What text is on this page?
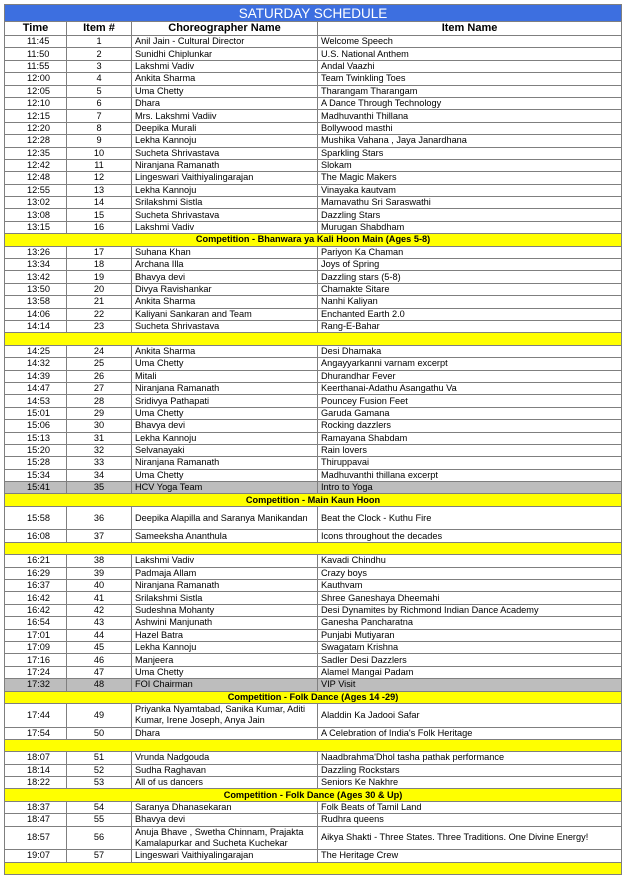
SATURDAY SCHEDULE			
Time	Item #	Choreographer Name	Item Name
11:45	1	Anil Jain - Cultural Director	Welcome Speech
11:50	2	Sunidhi Chiplunkar	U.S. National Anthem
11:55	3	Lakshmi Vadiv	Andal Vaazhi
12:00	4	Ankita Sharma	Team Twinkling Toes
12:05	5	Uma Chetty	Tharangam Tharangam
12:10	6	Dhara	A Dance Through Technology
12:15	7	Mrs. Lakshmi Vadiiv	Madhuvanthi Thillana
12:20	8	Deepika Murali	Bollywood masthi
12:28	9	Lekha Kannoju	Mushika Vahana , Jaya Janardhana
12:35	10	Sucheta Shrivastava	Sparkling Stars
12:42	11	Niranjana Ramanath	Slokam
12:48	12	Lingeswari Vaithiyalingarajan	The Magic Makers
12:55	13	Lekha Kannoju	Vinayaka kautvam
13:02	14	Srilakshmi Sistla	Mamavathu Sri Saraswathi
13:08	15	Sucheta Shrivastava	Dazzling Stars
13:15	16	Lakshmi Vadiv	Murugan Shabdham
Competition - Bhanwara ya Kali Hoon Main (Ages 5-8)			
13:26	17	Suhana Khan	Pariyon Ka Chaman
13:34	18	Archana Illa	Joys of Spring
13:42	19	Bhavya devi	Dazzling stars (5-8)
13:50	20	Divya Ravishankar	Chamakte Sitare
13:58	21	Ankita Sharma	Nanhi Kaliyan
14:06	22	Kaliyani Sankaran and Team	Enchanted Earth 2.0
14:14	23	Sucheta Shrivastava	Rang-E-Bahar

14:25	24	Ankita Sharma	Desi Dhamaka
14:32	25	Uma Chetty	Angayyarkanni varnam excerpt
14:39	26	Mitali	Dhurandhar Fever
14:47	27	Niranjana Ramanath	Keerthanai-Adathu Asangathu Va
14:53	28	Sridivya Pathapati	Pouncey Fusion Feet
15:01	29	Uma Chetty	Garuda Gamana
15:06	30	Bhavya devi	Rocking dazzlers
15:13	31	Lekha Kannoju	Ramayana Shabdam
15:20	32	Selvanayaki	Rain lovers
15:28	33	Niranjana Ramanath	Thiruppavai
15:34	34	Uma Chetty	Madhuvanthi thillana excerpt
15:41	35	HCV Yoga Team	Intro to Yoga
Competition - Main Kaun Hoon			
15:58	36	Deepika Alapilla and Saranya Manikandan	Beat the Clock - Kuthu Fire
16:08	37	Sameeksha Ananthula	Icons throughout the decades

16:21	38	Lakshmi Vadiv	Kavadi Chindhu
16:29	39	Padmaja Allam	Crazy boys
16:37	40	Niranjana Ramanath	Kauthvam
16:42	41	Srilakshmi Sistla	Shree Ganeshaya Dheemahi
16:42	42	Sudeshna Mohanty	Desi Dynamites by Richmond Indian Dance Academy
16:54	43	Ashwini Manjunath	Ganesha Pancharatna
17:01	44	Hazel Batra	Punjabi Mutiyaran
17:09	45	Lekha Kannoju	Swagatam Krishna
17:16	46	Manjeera	Sadler Desi Dazzlers
17:24	47	Uma Chetty	Alamel Mangai Padam
17:32	48	FOI Chairman	VIP Visit
Competition - Folk Dance (Ages 14 -29)			
17:44	49	Priyanka Nyamtabad, Sanika Kumar, Aditi Kumar, Irene Joseph, Anya Jain	Aladdin Ka Jadooi Safar
17:54	50	Dhara	A Celebration of India's Folk Heritage

18:07	51	Vrunda Nadgouda	Naadbrahma'Dhol tasha pathak performance
18:14	52	Sudha Raghavan	Dazzling Rockstars
18:22	53	All of us dancers	Seniors Ke Nakhre
Competition - Folk Dance (Ages 30 & Up)			
18:37	54	Saranya Dhanasekaran	Folk Beats of Tamil Land
18:47	55	Bhavya devi	Rudhra queens
18:57	56	Anuja Bhave , Swetha Chinnam, Prajakta Kamalapurkar and Sucheta Kuchekar	Aikya Shakti - Three States. Three Traditions. One Divine Energy!
19:07	57	Lingeswari Vaithiyalingarajan	The Heritage Crew
